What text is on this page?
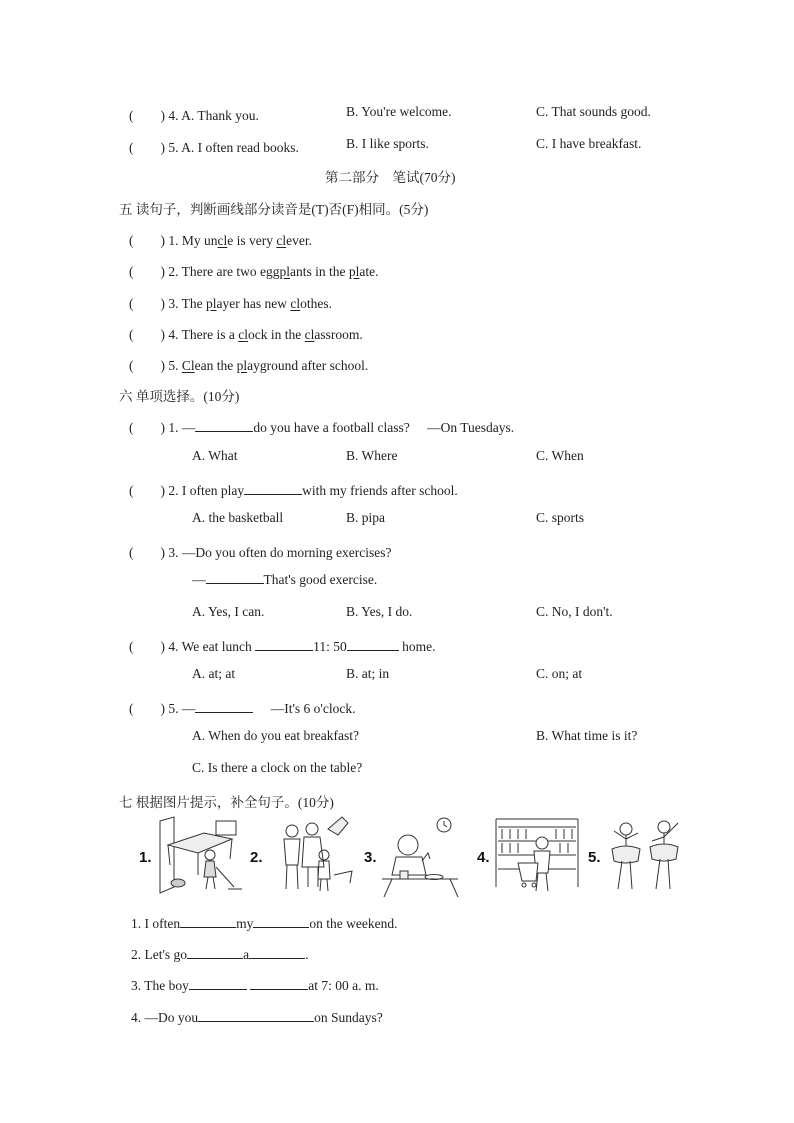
(　　) 4. A. Thank you.	B. You're welcome.	C. That sounds good.
(　　) 5. A. I often read books.	B. I like sports.	C. I have breakfast.
第二部分　笔试(70分)
五 读句子，判断画线部分读音是(T)否(F)相同。(5分)
(　　) 1. My uncle is very clever.
(　　) 2. There are two eggplants in the plate.
(　　) 3. The player has new clothes.
(　　) 4. There is a clock in the classroom.
(　　) 5. Clean the playground after school.
六 单项选择。(10分)
(　　) 1. —	do you have a football class? —On Tuesdays.
A. What	B. Where	C. When
(　　) 2. I often play	with my friends after school.
A. the basketball	B. pipa	C. sports
(　　) 3. —Do you often do morning exercises?
—	That's good exercise.
A. Yes, I can.	B. Yes, I do.	C. No, I don't.
(　　) 4. We eat lunch	11: 50	home.
A. at; at	B. at; in	C. on; at
(　　) 5. —	—It's 6 o'clock.
A. When do you eat breakfast?	B. What time is it?
C. Is there a clock on the table?
七 根据图片提示，补全句子。(10分)
1.	2.	3.	4.	5.
1. I often	my	on the weekend.
2. Let's go	a	.
3. The boy	at 7: 00 a. m.
4. —Do you	on Sundays?
